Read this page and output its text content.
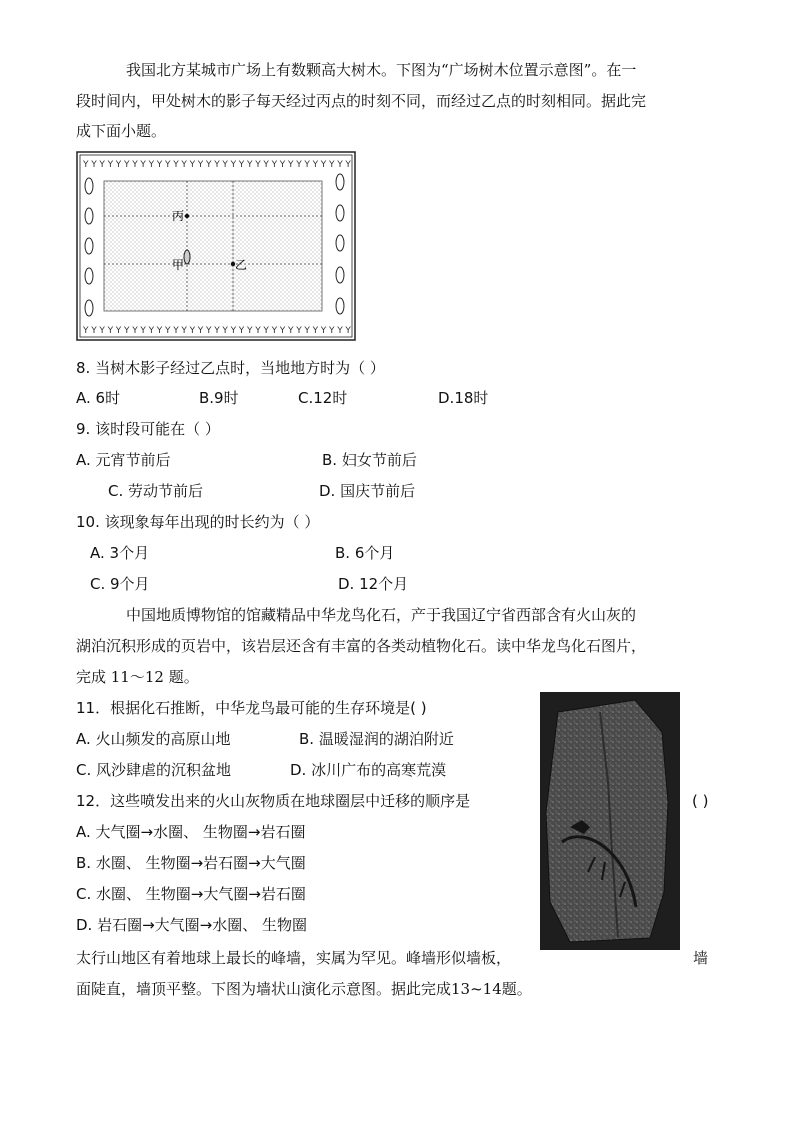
我国北方某城市广场上有数颗高大树木。下图为“广场树木位置示意图”。在一
段时间内，甲处树木的影子每天经过丙点的时刻不同，而经过乙点的时刻相同。据此完
成下面小题。
Y Y Y Y Y Y Y Y Y Y Y Y Y Y Y Y Y Y Y Y Y Y Y Y Y Y Y Y Y Y Y Y Y
Y Y Y Y Y Y Y Y Y Y Y Y Y Y Y Y Y Y Y Y Y Y Y Y Y Y Y Y Y Y Y Y Y
丙
甲	乙
8. 当树木影子经过乙点时，当地地方时为（ ）
A. 6时	B.9时	C.12时	D.18时
9. 该时段可能在（ ）
A. 元宵节前后	B. 妇女节前后
C. 劳动节前后	D. 国庆节前后
10. 该现象每年出现的时长约为（ ）
A. 3个月	B. 6个月
C. 9个月	D. 12个月
中国地质博物馆的馆藏精品中华龙鸟化石，产于我国辽宁省西部含有火山灰的
湖泊沉积形成的页岩中，该岩层还含有丰富的各类动植物化石。读中华龙鸟化石图片，
完成 11～12 题。
11．根据化石推断，中华龙鸟最可能的生存环境是( )
A. 火山频发的高原山地	B. 温暖湿润的湖泊附近
C. 风沙肆虐的沉积盆地	D. 冰川广布的高寒荒漠
12．这些喷发出来的火山灰物质在地球圈层中迁移的顺序是	( )
A. 大气圈→水圈、 生物圈→岩石圈
B. 水圈、 生物圈→岩石圈→大气圈
C. 水圈、 生物圈→大气圈→岩石圈
D. 岩石圈→大气圈→水圈、 生物圈
太行山地区有着地球上最长的峰墙，实属为罕见。峰墙形似墙板，	墙
面陡直，墙顶平整。下图为墙状山演化示意图。据此完成13~14题。
